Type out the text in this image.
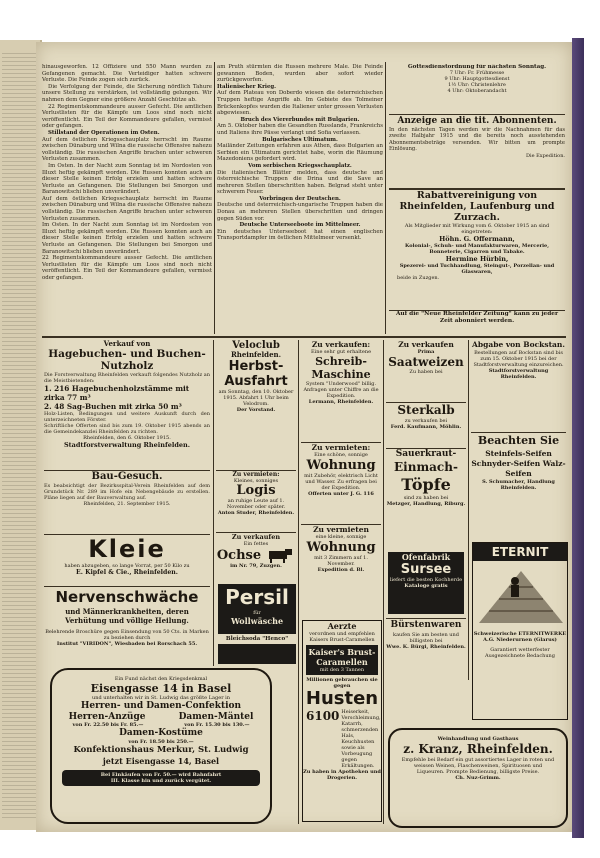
hinausgeworfen. 12 Offiziere und 550 Mann wurden zu Gefangenen gemacht. Die Verteidiger hatten schwere Verluste. Die Feinde zogen sich zurück.
Die Verfolgung der Feinde, die Sicherung nördlich Tahure unsere Stellung zu verstärken, ist vollständig gelungen. Wir nahmen dem Gegner eine größere Anzahl Geschütze ab.
22 Regimentskommandeure ausser Gefecht. Die amtlichen Verlustlisten für die Kämpfe um Loos sind noch nicht veröffentlicht. Ein Teil der Kommandeure gefallen, vermisst oder gefangen.
Stillstand der Operationen im Osten.
Auf dem östlichen Kriegsschauplatz herrscht im Raume zwischen Dünaburg und Wilna die russische Offensive nahezu vollständig. Die russischen Angriffe brachen unter schweren Verlusten zusammen.
Im Osten. In der Nacht zum Sonntag ist im Nordosten von Illuxt heftig gekämpft worden. Die Russen konnten auch an dieser Stelle keinen Erfolg erzielen und hatten schwere Verluste an Gefangenen. Die Stellungen bei Smorgon und Baranowitschi blieben unverändert.
Auf dem östlichen Kriegsschauplatz herrscht im Raume zwischen Dünaburg und Wilna die russische Offensive nahezu vollständig. Die russischen Angriffe brachen unter schweren Verlusten zusammen.
Im Osten. In der Nacht zum Sonntag ist im Nordosten von Illuxt heftig gekämpft worden. Die Russen konnten auch an dieser Stelle keinen Erfolg erzielen und hatten schwere Verluste an Gefangenen. Die Stellungen bei Smorgon und Baranowitschi blieben unverändert.
22 Regimentskommandeure ausser Gefecht. Die amtlichen Verlustlisten für die Kämpfe um Loos sind noch nicht veröffentlicht. Ein Teil der Kommandeure gefallen, vermisst oder gefangen.
am Pruth stürmten die Russen mehrere Male. Die Feinde gewannen Boden, wurden aber sofort wieder zurückgeworfen.
Italienischer Krieg.
Auf dem Plateau von Doberdo wiesen die österreichischen Truppen heftige Angriffe ab. Im Gebiete des Tolmeiner Brückenkopfes wurden die Italiener unter grossen Verlusten abgewiesen.
Bruch des Viererbundes mit Bulgarien.
Am 5. Oktober haben die Gesandten Russlands, Frankreichs und Italiens ihre Pässe verlangt und Sofia verlassen.
Bulgarisches Ultimatum.
Mailänder Zeitungen erfahren aus Athen, dass Bulgarien an Serbien ein Ultimatum gerichtet habe, worin die Räumung Mazedoniens gefordert wird.
Vom serbischen Kriegsschauplatz.
Die italienischen Blätter melden, dass deutsche und österreichische Truppen die Drina und die Save an mehreren Stellen überschritten haben. Belgrad steht unter schwerem Feuer.
Vorbringen der Deutschen.
Deutsche und österreichisch-ungarische Truppen haben die Donau an mehreren Stellen überschritten und dringen gegen Süden vor.
Deutsche Unterseeboote im Mittelmeer.
Ein deutsches Unterseeboot hat einen englischen Transportdampfer im östlichen Mittelmeer versenkt.
Gottesdienstordnung für nächsten Sonntag.
7 Uhr: Fr. Frühmesse
9 Uhr: Hauptgottesdienst
1½ Uhr: Christenlehre
4 Uhr: Oktoberandacht
Anzeige an die tit. Abonnenten.
In den nächsten Tagen werden wir die Nachnahmen für das zweite Halbjahr 1915 und die bereits noch ausstehenden Abonnementsbeträge versenden. Wir bitten um prompte Einlösung.
Die Expedition.
Rabattvereinigung von Rheinfelden, Laufenburg und Zurzach.
Als Mitglieder mit Wirkung vom 6. Oktober 1915 an sind eingetreten:
Höhn. G. Offermann,
Kolonial-, Schuh- und Manufakturwaren, Mercerie, Bonneterie, Cigarren und Tabake.
Hermine Hürbin,
Spezerei- und Tuchhandlung, Steingut-, Porzellan- und Glaswaren,
beide in Zuzgen.
Auf die "Neue Rheinfelder Zeitung" kann zu jeder Zeit abonniert werden.
Verkauf von
Hagebuchen- und Buchen-Nutzholz
Die Forstverwaltung Rheinfelden verkauft folgendes Nutzholz an die Meistbietenden:
1. 216 Hagebuchenholzstämme mit zirka 77 m³
2. 48 Sag-Buchen mit zirka 50 m³
Holz-Listen, Bedingungen und weitere Auskunft durch den unterzeichneten Förster.
Schriftliche Offerten sind bis zum 19. Oktober 1915 abends an die Gemeindekanzlei Rheinfelden zu richten.
Rheinfelden, den 6. Oktober 1915.
Stadtforstverwaltung Rheinfelden.
Bau-Gesuch.
Es beabsichtigt der Bezirksspital-Verein Rheinfelden auf dem Grundstück Nr. 289 im Hofe ein Nebengebäude zu erstellen. Pläne liegen auf der Bauverwaltung auf.
Rheinfelden, 21. September 1915.
Kleie
haben abzugeben, so lange Vorrat, per 50 Kilo zu
E. Kipfel & Cie., Rheinfelden.
Nervenschwäche
und Männerkrankheiten, deren Verhütung und völlige Heilung.
Belehrende Broschüre gegen Einsendung von 50 Cts. in Marken zu beziehen durch
Institut "VIRIDON", Wiesbaden bei Rorschach 55.
Ein Fund nächst den Kriegsdenkmal
Eisengasse 14 in Basel
und unterhalten wir in St. Ludwig das größte Lager in
Herren- und Damen-Confektion
Herren-Anzüge	Damen-Mäntel
von Fr. 22.50 bis Fr. 85.—	von Fr. 15.30 bis 130.—
Damen-Kostüme
von Fr. 18.50 bis 250.—
Konfektionshaus Merkur, St. Ludwig
jetzt Eisengasse 14, Basel
Bei Einkäufen von Fr. 50.— wird Bahnfahrt
III. Klasse hin und zurück vergütet.
Veloclub
Rheinfelden.
Herbst-Ausfahrt
am Sonntag, den 10. Oktober 1915. Abfahrt 1 Uhr beim Velodrom.
Der Vorstand.
Zu vermieten:
Kleines, sonniges
Logis
an ruhige Leute auf 1. November oder später.
Anton Studer, Rheinfelden.
Zu verkaufen
Ein fettes
Ochse
im Nr. 79, Zuzgen.
Persil
für
Wollwäsche
Bleichsoda "Henco"
Zu verkaufen:
Eine sehr gut erhaltene
Schreib-Maschine
System "Underwood" billig. Anfragen unter Chiffre an die Expedition.
Lermann, Rheinfelden.
Zu vermieten:
Eine schöne, sonnige
Wohnung
mit Zubehör, elektrisch Licht und Wasser. Zu erfragen bei der Expedition.
Offerten unter J. G. 116
Zu vermieten
eine kleine, sonnige
Wohnung
mit 3 Zimmern auf 1. November.
Expedition d. Bl.
Aerzte
verordnen und empfehlen Kaisers Brust-Caramellen
Kaiser's Brust-
Caramellen
mit den 3 Tannen
Millionen gebrauchen sie gegen
Husten
6100 Heiserkeit, Verschleimung, Katarrh, schmerzenden Hals, Keuchhusten sowie als Vorbeugung gegen Erkältungen.
Zu haben in Apotheken und Drogerien.
Zu verkaufen
Prima
Saatweizen
Zu haben bei
Sterkalb
zu verkaufen bei
Ferd. Kaufmann, Möhlin.
Sauerkraut-
Einmach-
Töpfe
sind zu haben bei
Metzger, Handlung, Riburg.
Ofenfabrik
Sursee
liefert die besten Kochherde
Kataloge gratis
Bürstenwaren
kaufen Sie am besten und billigsten bei
Wwe. K. Bürgi, Rheinfelden.
Abgabe von Bockstan.
Bestellungen auf Bockstan sind bis zum 15. Oktober 1915 bei der Stadtforstverwaltung einzureichen.
Stadtforstverwaltung Rheinfelden.
Beachten Sie
Steinfels-Seifen Schnyder-Seifen Walz-Seifen
S. Schumacher, Handlung Rheinfelden.
ETERNIT
Schweizerische ETERNITWERKE A.G. Niederurnen (Glarus)
Garantiert wetterfester Ausgezeichnete Bedachung
Weinhandlung und Gasthaus
z. Kranz, Rheinfelden.
Empfehle bei Bedarf ein gut assortiertes Lager in roten und weissen Weinen, Flaschenweinen, Spirituosen und Liqueuren. Prompte Bedienung, billigste Preise.
Ch. Nuz-Grimm.
